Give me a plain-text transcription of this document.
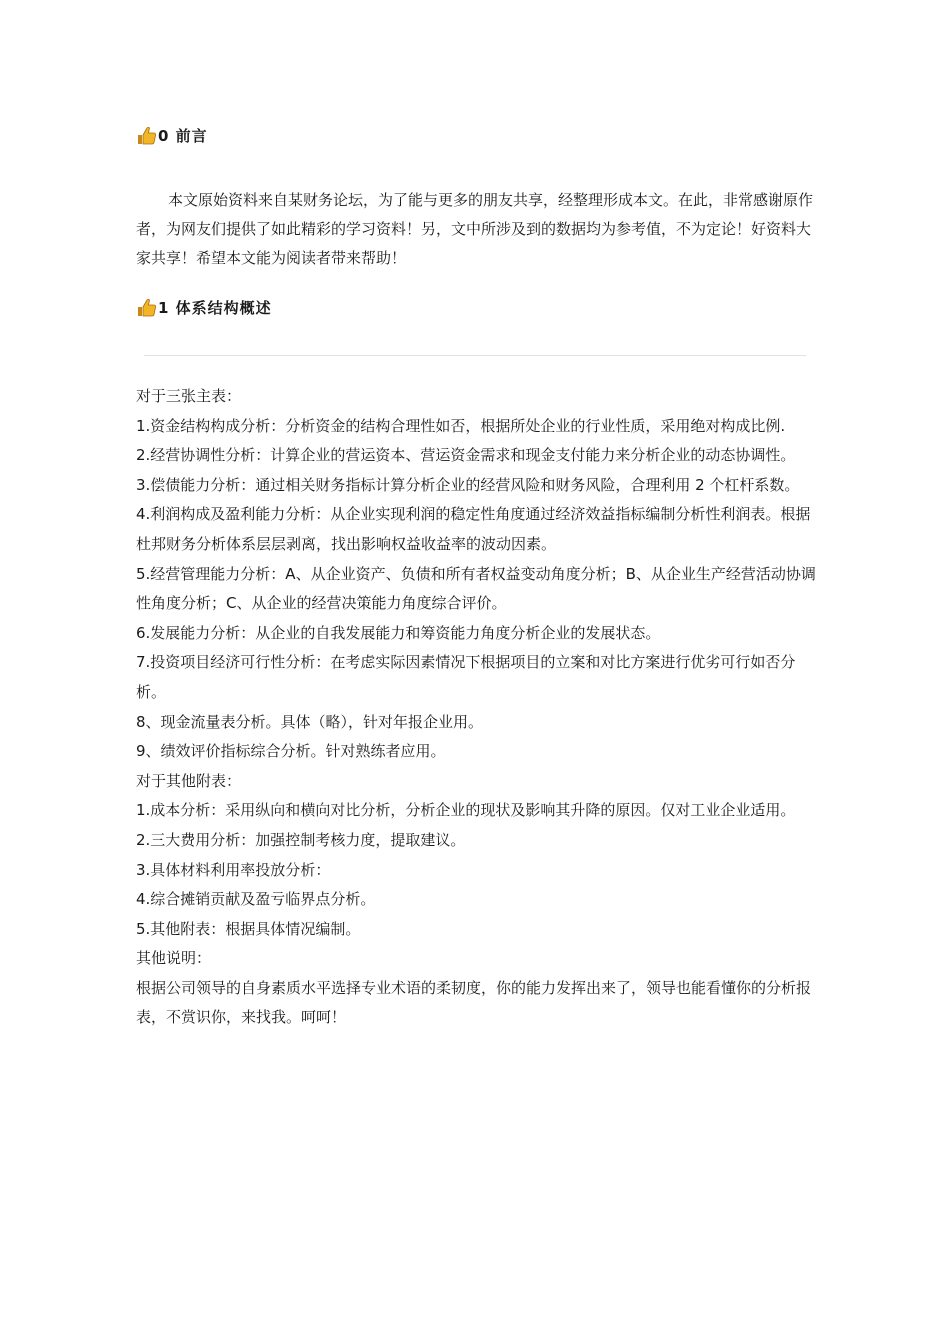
0 前言
本文原始资料来自某财务论坛，为了能与更多的朋友共享，经整理形成本文。在此，非常感谢原作者，为网友们提供了如此精彩的学习资料！另，文中所涉及到的数据均为参考值，不为定论！好资料大家共享！希望本文能为阅读者带来帮助！
1 体系结构概述

对于三张主表：

1.资金结构构成分析：分析资金的结构合理性如否，根据所处企业的行业性质，采用绝对构成比例.

2.经营协调性分析：计算企业的营运资本、营运资金需求和现金支付能力来分析企业的动态协调性。

3.偿债能力分析：通过相关财务指标计算分析企业的经营风险和财务风险，合理利用 2 个杠杆系数。

4.利润构成及盈利能力分析：从企业实现利润的稳定性角度通过经济效益指标编制分析性利润表。根据杜邦财务分析体系层层剥离，找出影响权益收益率的波动因素。

5.经营管理能力分析：A、从企业资产、负债和所有者权益变动角度分析；B、从企业生产经营活动协调性角度分析；C、从企业的经营决策能力角度综合评价。

6.发展能力分析：从企业的自我发展能力和筹资能力角度分析企业的发展状态。

7.投资项目经济可行性分析：在考虑实际因素情况下根据项目的立案和对比方案进行优劣可行如否分析。

8、现金流量表分析。具体（略），针对年报企业用。

9、绩效评价指标综合分析。针对熟练者应用。

对于其他附表：

1.成本分析：采用纵向和横向对比分析，分析企业的现状及影响其升降的原因。仅对工业企业适用。

2.三大费用分析：加强控制考核力度，提取建议。

3.具体材料利用率投放分析：

4.综合摊销贡献及盈亏临界点分析。

5.其他附表：根据具体情况编制。

其他说明：

根据公司领导的自身素质水平选择专业术语的柔韧度，你的能力发挥出来了，领导也能看懂你的分析报表，不赏识你，来找我。呵呵！
